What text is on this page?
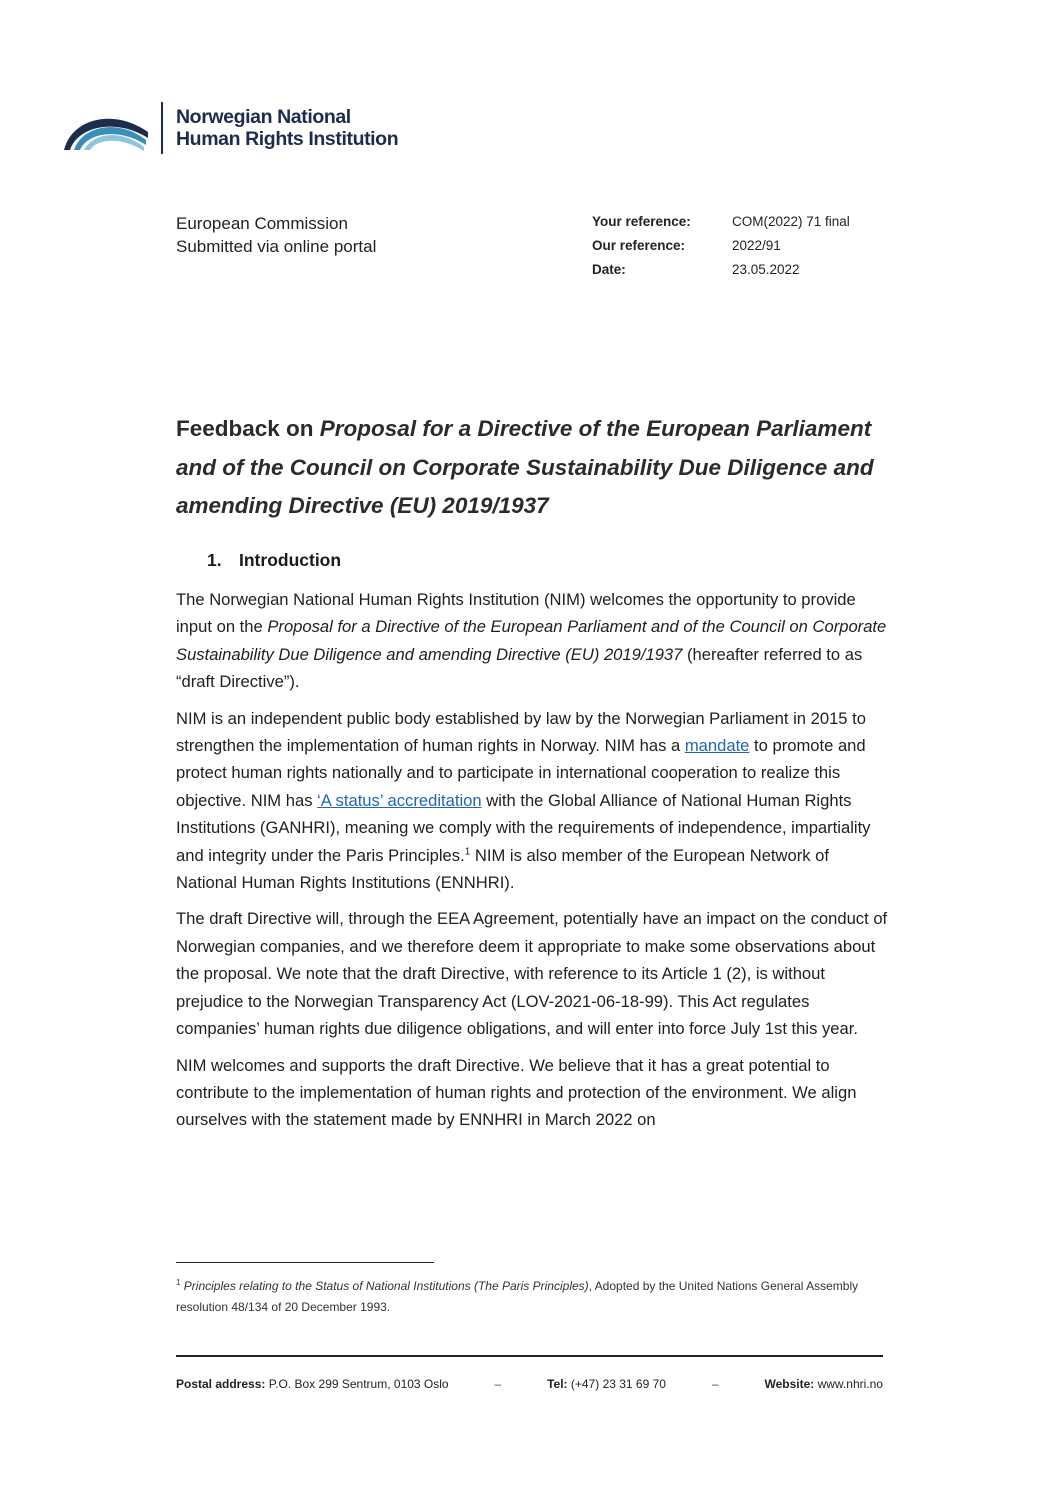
Norwegian National
Human Rights Institution
European Commission
Submitted via online portal
Your reference:	COM(2022) 71 final
Our reference:	2022/91
Date:	23.05.2022
Feedback on Proposal for a Directive of the European Parliament and of the Council on Corporate Sustainability Due Diligence and amending Directive (EU) 2019/1937
1. Introduction

The Norwegian National Human Rights Institution (NIM) welcomes the opportunity to provide input on the Proposal for a Directive of the European Parliament and of the Council on Corporate Sustainability Due Diligence and amending Directive (EU) 2019/1937 (hereafter referred to as “draft Directive”).

NIM is an independent public body established by law by the Norwegian Parliament in 2015 to strengthen the implementation of human rights in Norway. NIM has a mandate to promote and protect human rights nationally and to participate in international cooperation to realize this objective. NIM has ‘A status’ accreditation with the Global Alliance of National Human Rights Institutions (GANHRI), meaning we comply with the requirements of independence, impartiality and integrity under the Paris Principles.$^1$ NIM is also member of the European Network of National Human Rights Institutions (ENNHRI).

The draft Directive will, through the EEA Agreement, potentially have an impact on the conduct of Norwegian companies, and we therefore deem it appropriate to make some observations about the proposal. We note that the draft Directive, with reference to its Article 1 (2), is without prejudice to the Norwegian Transparency Act (LOV-2021-06-18-99). This Act regulates companies’ human rights due diligence obligations, and will enter into force July 1st this year.

NIM welcomes and supports the draft Directive. We believe that it has a great potential to contribute to the implementation of human rights and protection of the environment. We align ourselves with the statement made by ENNHRI in March 2022 on

$^1$ Principles relating to the Status of National Institutions (The Paris Principles), Adopted by the United Nations General Assembly resolution 48/134 of 20 December 1993.
Postal address: P.O. Box 299 Sentrum, 0103 Oslo	–	Tel: (+47) 23 31 69 70	–	Website: www.nhri.no
